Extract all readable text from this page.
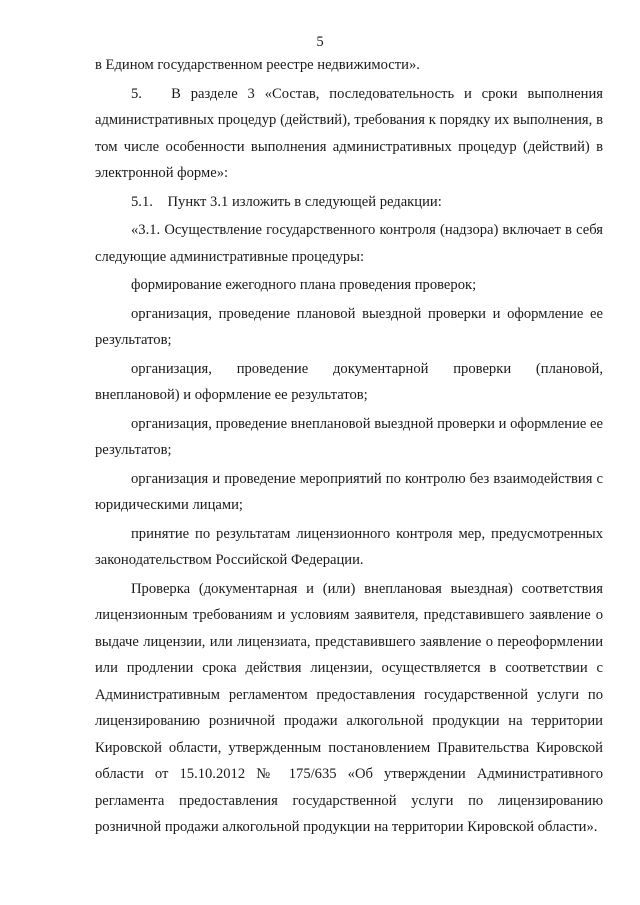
5

в Едином государственном реестре недвижимости».

5.  В разделе 3 «Состав, последовательность и сроки выполнения административных процедур (действий), требования к порядку их выполнения, в том числе особенности выполнения административных процедур (действий) в электронной форме»:

5.1. Пункт 3.1 изложить в следующей редакции:

«3.1. Осуществление государственного контроля (надзора) включает в себя следующие административные процедуры:

формирование ежегодного плана проведения проверок;

организация, проведение плановой выездной проверки и оформление ее результатов;

организация, проведение документарной проверки (плановой, внеплановой) и оформление ее результатов;

организация, проведение внеплановой выездной проверки и оформление ее результатов;

организация и проведение мероприятий по контролю без взаимодействия с юридическими лицами;

принятие по результатам лицензионного контроля мер, предусмотренных законодательством Российской Федерации.

Проверка (документарная и (или) внеплановая выездная) соответствия лицензионным требованиям и условиям заявителя, представившего заявление о выдаче лицензии, или лицензиата, представившего заявление о переоформлении или продлении срока действия лицензии, осуществляется в соответствии с Административным регламентом предоставления государственной услуги по лицензированию розничной продажи алкогольной продукции на территории Кировской области, утвержденным постановлением Правительства Кировской области от 15.10.2012 № 175/635 «Об утверждении Административного регламента предоставления государственной услуги по лицензированию розничной продажи алкогольной продукции на территории Кировской области».
